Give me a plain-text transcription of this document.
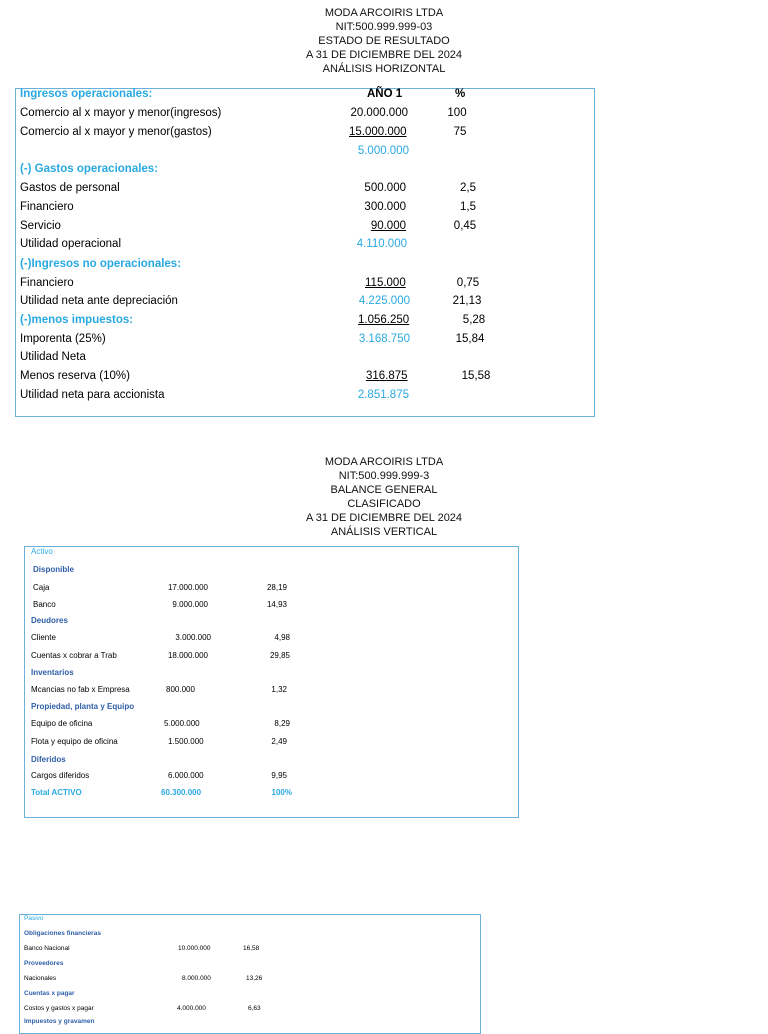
MODA ARCOIRIS LTDA
NIT:500.999.999-03
ESTADO DE RESULTADO
A 31 DE DICIEMBRE DEL 2024
ANÁLISIS HORIZONTAL
AÑO 1	%
Ingresos operacionales:
Comercio al x mayor y menor(ingresos)	20.000.000	100
Comercio al x mayor y menor(gastos)	15.000.000	75
5.000.000
(-) Gastos operacionales:
Gastos de personal	500.000	2,5
Financiero	300.000	1,5
Servicio	90.000	0,45
Utilidad operacional	4.110.000
(-)Ingresos no operacionales:
Financiero	115.000	0,75
Utilidad neta ante depreciación	4.225.000	21,13
(-)menos impuestos:	1.056.250	5,28
Imporenta (25%)	3.168.750	15,84
Utilidad Neta
Menos reserva (10%)	316.875	15,58
Utilidad neta para accionista	2.851.875
MODA ARCOIRIS LTDA
NIT:500.999.999-3
BALANCE GENERAL
CLASIFICADO
A 31 DE DICIEMBRE DEL 2024
ANÁLISIS VERTICAL
Activo
Disponible
Caja	17.000.000	28,19
Banco	9.000.000	14,93
Deudores
Cliente	3.000.000	4,98
Cuentas x cobrar a Trab	18.000.000	29,85
Inventarios
Mcancias no fab x Empresa	800.000	1,32
Propiedad, planta y Equipo
Equipo de oficina	5.000.000	8,29
Flota y equipo de oficina	1.500.000	2,49
Diferidos
Cargos diferidos	6.000.000	9,95
Total ACTIVO	60.300.000	100%
Pasivo
Obligaciones financieras
Banco Nacional	10.000.000	16,58
Proveedores
Nacionales	8.000.000	13,26
Cuentas x pagar
Costos y gastos x pagar	4.000.000	6,63
Impuestos y gravamen
